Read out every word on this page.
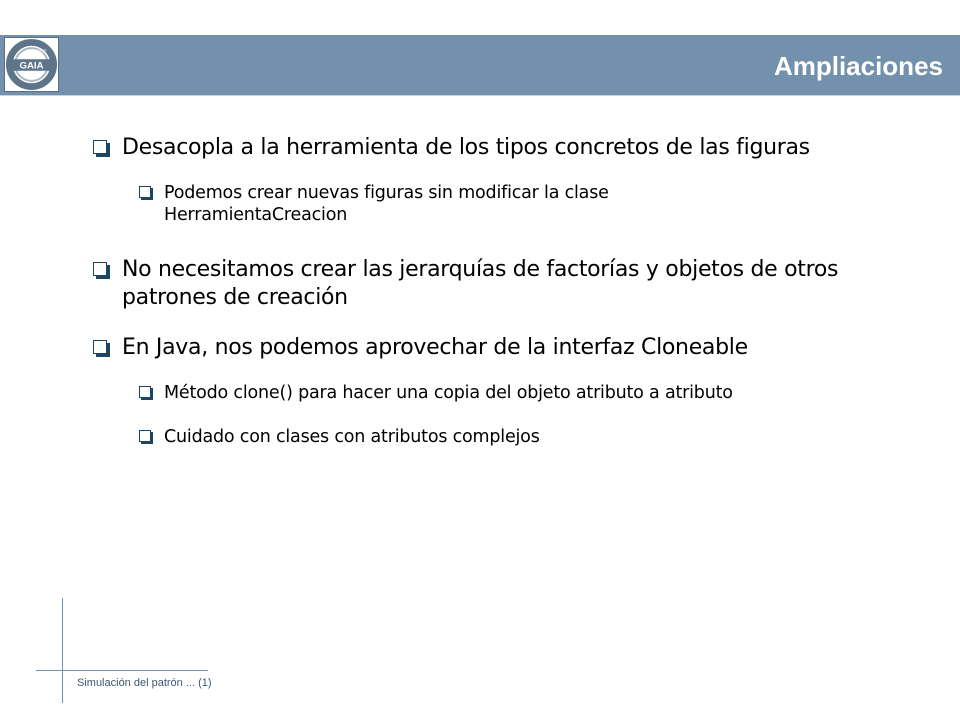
GAIA
GROUP	Ampliaciones
Desacopla a la herramienta de los tipos concretos de las figuras
Podemos crear nuevas figuras sin modificar la clase
HerramientaCreacion
No necesitamos crear las jerarquías de factorías y objetos de otros
patrones de creación
En Java, nos podemos aprovechar de la interfaz Cloneable
Método clone() para hacer una copia del objeto atributo a atributo
Cuidado con clases con atributos complejos
Simulación del patrón ... (1)
